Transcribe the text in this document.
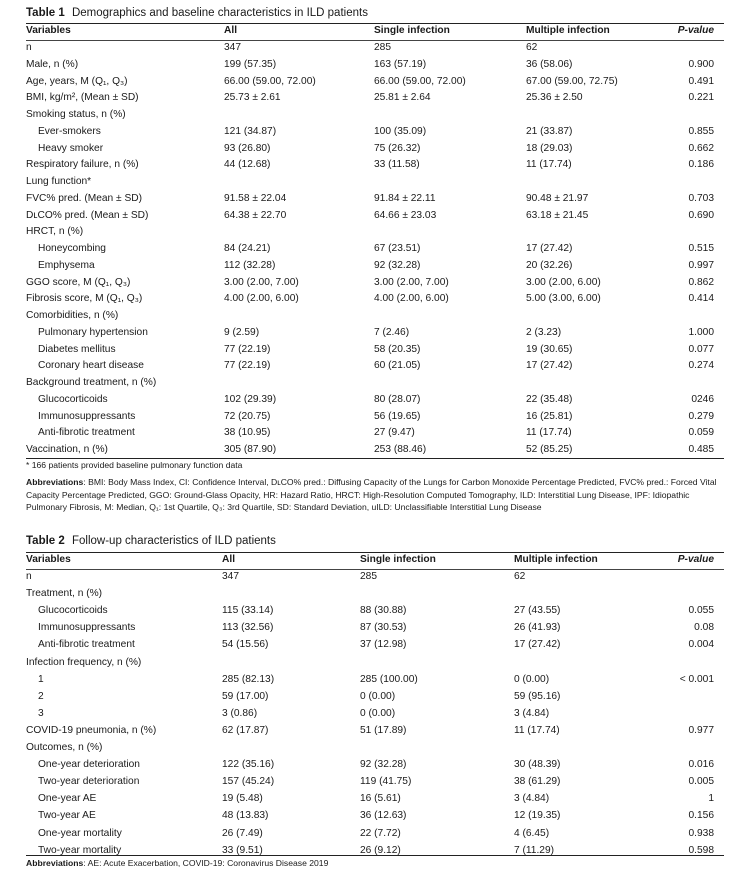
Table 1 Demographics and baseline characteristics in ILD patients
Variables	All	Single infection	Multiple infection	P-value
n	347	285	62
Male, n (%)	199 (57.35)	163 (57.19)	36 (58.06)	0.900
Age, years, M (Q₁, Q₃)	66.00 (59.00, 72.00)	66.00 (59.00, 72.00)	67.00 (59.00, 72.75)	0.491
BMI, kg/m², (Mean ± SD)	25.73 ± 2.61	25.81 ± 2.64	25.36 ± 2.50	0.221
Smoking status, n (%)
Ever-smokers	121 (34.87)	100 (35.09)	21 (33.87)	0.855
Heavy smoker	93 (26.80)	75 (26.32)	18 (29.03)	0.662
Respiratory failure, n (%)	44 (12.68)	33 (11.58)	11 (17.74)	0.186
Lung function*
FVC% pred. (Mean ± SD)	91.58 ± 22.04	91.84 ± 22.11	90.48 ± 21.97	0.703
DʟCO% pred. (Mean ± SD)	64.38 ± 22.70	64.66 ± 23.03	63.18 ± 21.45	0.690
HRCT, n (%)
Honeycombing	84 (24.21)	67 (23.51)	17 (27.42)	0.515
Emphysema	112 (32.28)	92 (32.28)	20 (32.26)	0.997
GGO score, M (Q₁, Q₃)	3.00 (2.00, 7.00)	3.00 (2.00, 7.00)	3.00 (2.00, 6.00)	0.862
Fibrosis score, M (Q₁, Q₃)	4.00 (2.00, 6.00)	4.00 (2.00, 6.00)	5.00 (3.00, 6.00)	0.414
Comorbidities, n (%)
Pulmonary hypertension	9 (2.59)	7 (2.46)	2 (3.23)	1.000
Diabetes mellitus	77 (22.19)	58 (20.35)	19 (30.65)	0.077
Coronary heart disease	77 (22.19)	60 (21.05)	17 (27.42)	0.274
Background treatment, n (%)
Glucocorticoids	102 (29.39)	80 (28.07)	22 (35.48)	0246
Immunosuppressants	72 (20.75)	56 (19.65)	16 (25.81)	0.279
Anti-fibrotic treatment	38 (10.95)	27 (9.47)	11 (17.74)	0.059
Vaccination, n (%)	305 (87.90)	253 (88.46)	52 (85.25)	0.485
* 166 patients provided baseline pulmonary function data
Abbreviations: BMI: Body Mass Index, CI: Confidence Interval, DʟCO% pred.: Diffusing Capacity of the Lungs for Carbon Monoxide Percentage Predicted, FVC% pred.: Forced Vital Capacity Percentage Predicted, GGO: Ground-Glass Opacity, HR: Hazard Ratio, HRCT: High-Resolution Computed Tomography, ILD: Interstitial Lung Disease, IPF: Idiopathic Pulmonary Fibrosis, M: Median, Q₁: 1st Quartile, Q₃: 3rd Quartile, SD: Standard Deviation, uILD: Unclassifiable Interstitial Lung Disease
Table 2 Follow-up characteristics of ILD patients
Variables	All	Single infection	Multiple infection	P-value
n	347	285	62
Treatment, n (%)
Glucocorticoids	115 (33.14)	88 (30.88)	27 (43.55)	0.055
Immunosuppressants	113 (32.56)	87 (30.53)	26 (41.93)	0.08
Anti-fibrotic treatment	54 (15.56)	37 (12.98)	17 (27.42)	0.004
Infection frequency, n (%)
1	285 (82.13)	285 (100.00)	0 (0.00)	< 0.001
2	59 (17.00)	0 (0.00)	59 (95.16)
3	3 (0.86)	0 (0.00)	3 (4.84)
COVID-19 pneumonia, n (%)	62 (17.87)	51 (17.89)	11 (17.74)	0.977
Outcomes, n (%)
One-year deterioration	122 (35.16)	92 (32.28)	30 (48.39)	0.016
Two-year deterioration	157 (45.24)	119 (41.75)	38 (61.29)	0.005
One-year AE	19 (5.48)	16 (5.61)	3 (4.84)	1
Two-year AE	48 (13.83)	36 (12.63)	12 (19.35)	0.156
One-year mortality	26 (7.49)	22 (7.72)	4 (6.45)	0.938
Two-year mortality	33 (9.51)	26 (9.12)	7 (11.29)	0.598
Abbreviations: AE: Acute Exacerbation, COVID-19: Coronavirus Disease 2019
